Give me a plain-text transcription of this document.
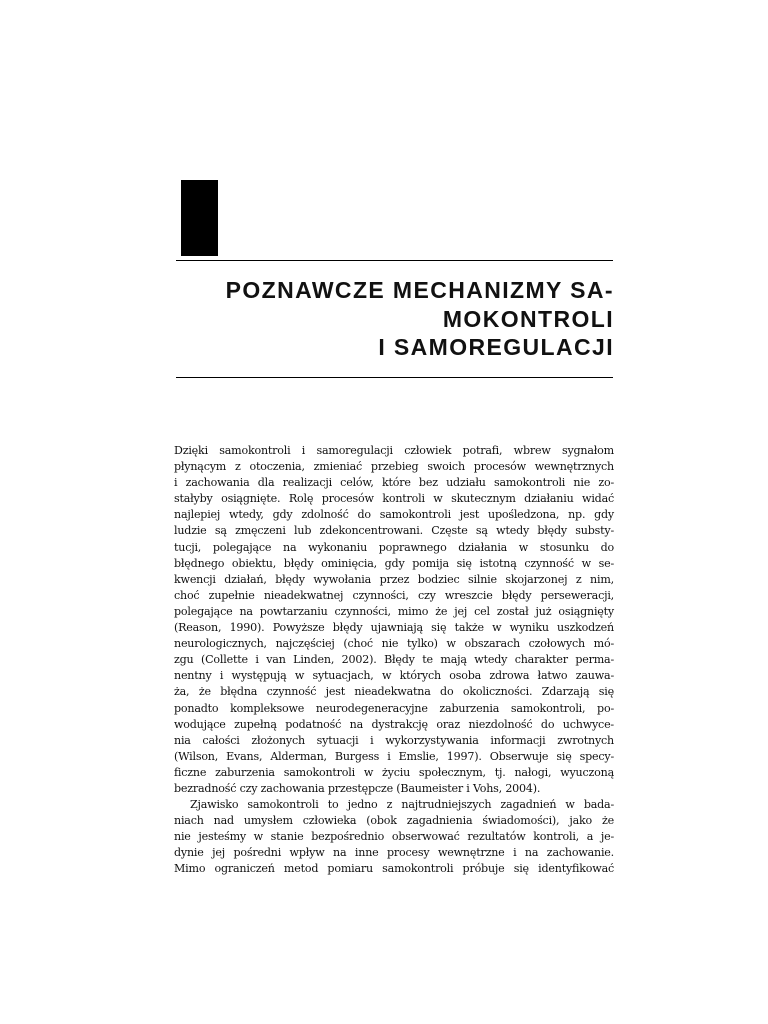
POZNAWCZE MECHANIZMY SA-
MOKONTROLI
I SAMOREGULACJI
Dzięki samokontroli i samoregulacji człowiek potrafi, wbrew sygnałom
płynącym z otoczenia, zmieniać przebieg swoich procesów wewnętrznych
i zachowania dla realizacji celów, które bez udziału samokontroli nie zo-
stałyby osiągnięte. Rolę procesów kontroli w skutecznym działaniu widać
najlepiej wtedy, gdy zdolność do samokontroli jest upośledzona, np. gdy
ludzie są zmęczeni lub zdekoncentrowani. Częste są wtedy błędy substy-
tucji, polegające na wykonaniu poprawnego działania w stosunku do
błędnego obiektu, błędy ominięcia, gdy pomija się istotną czynność w se-
kwencji działań, błędy wywołania przez bodziec silnie skojarzonej z nim,
choć zupełnie nieadekwatnej czynności, czy wreszcie błędy perseweracji,
polegające na powtarzaniu czynności, mimo że jej cel został już osiągnięty
(Reason, 1990). Powyższe błędy ujawniają się także w wyniku uszkodzeń
neurologicznych, najczęściej (choć nie tylko) w obszarach czołowych mó-
zgu (Collette i van Linden, 2002). Błędy te mają wtedy charakter perma-
nentny i występują w sytuacjach, w których osoba zdrowa łatwo zauwa-
ża, że błędna czynność jest nieadekwatna do okoliczności. Zdarzają się
ponadto kompleksowe neurodegeneracyjne zaburzenia samokontroli, po-
wodujące zupełną podatność na dystrakcję oraz niezdolność do uchwyce-
nia całości złożonych sytuacji i wykorzystywania informacji zwrotnych
(Wilson, Evans, Alderman, Burgess i Emslie, 1997). Obserwuje się specy-
ficzne zaburzenia samokontroli w życiu społecznym, tj. nałogi, wyuczoną
bezradność czy zachowania przestępcze (Baumeister i Vohs, 2004).
Zjawisko samokontroli to jedno z najtrudniejszych zagadnień w bada-
niach nad umysłem człowieka (obok zagadnienia świadomości), jako że
nie jesteśmy w stanie bezpośrednio obserwować rezultatów kontroli, a je-
dynie jej pośredni wpływ na inne procesy wewnętrzne i na zachowanie.
Mimo ograniczeń metod pomiaru samokontroli próbuje się identyfikować
